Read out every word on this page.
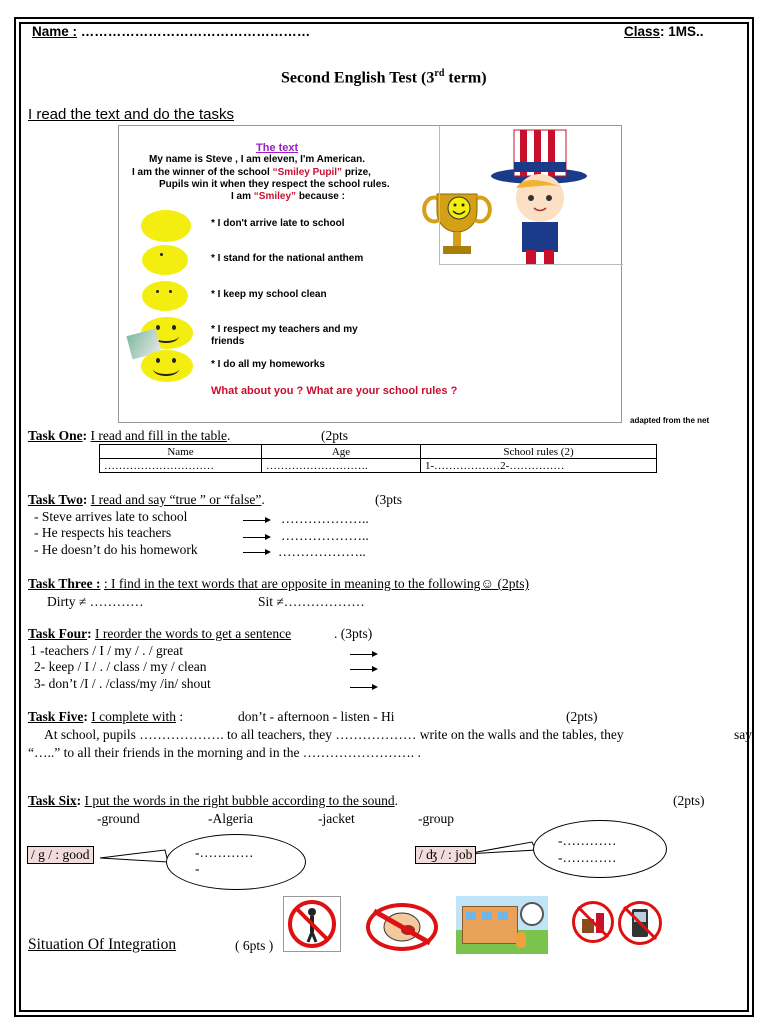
Name : ……………………………………………	Class: 1MS..
Second English Test (3rd term)
I read the text and do the tasks
The text
My name is Steve , I am eleven, I'm American.
I am the winner of the school “Smiley Pupil” prize,
Pupils win it when they respect the school rules.
I am “Smiley” because :
* I don't arrive late to school
* I stand for the national anthem
* I keep my school clean
* I respect my teachers and my
friends
* I do all my homeworks
What about you ? What are your school rules ?
adapted from the net
Task One: I read and fill in the table.	(2pts
Name	Age	School rules (2)
…………………………	……………………….	1-………………2-……………
Task Two: I read and say “true ” or “false”.	(3pts
- Steve arrives late to school
- He respects his teachers
- He doesn’t do his homework
………………..
………………..
………………..
Task Three : : I find in the text words that are opposite in meaning to the following☺ (2pts)
Dirty ≠ …………	Sit ≠………………
Task Four: I reorder the words to get a sentence	. (3pts)
1 -teachers / I / my / . / great
2- keep / I / . / class / my / clean
3- don’t /I / . /class/my /in/ shout
Task Five: I complete with :	don’t - afternoon - listen - Hi	(2pts)
At school, pupils ………………. to all teachers, they ……………… write on the walls and the tables, they	say
“…..” to all their friends in the morning and in the ……………………. .
Task Six: I put the words in the right bubble according to the sound.	(2pts)
-ground	-Algeria	-jacket	-group
/ g / : good	-…………
-
/ ʤ / : job
-…………
-…………
Situation Of Integration	( 6pts )
